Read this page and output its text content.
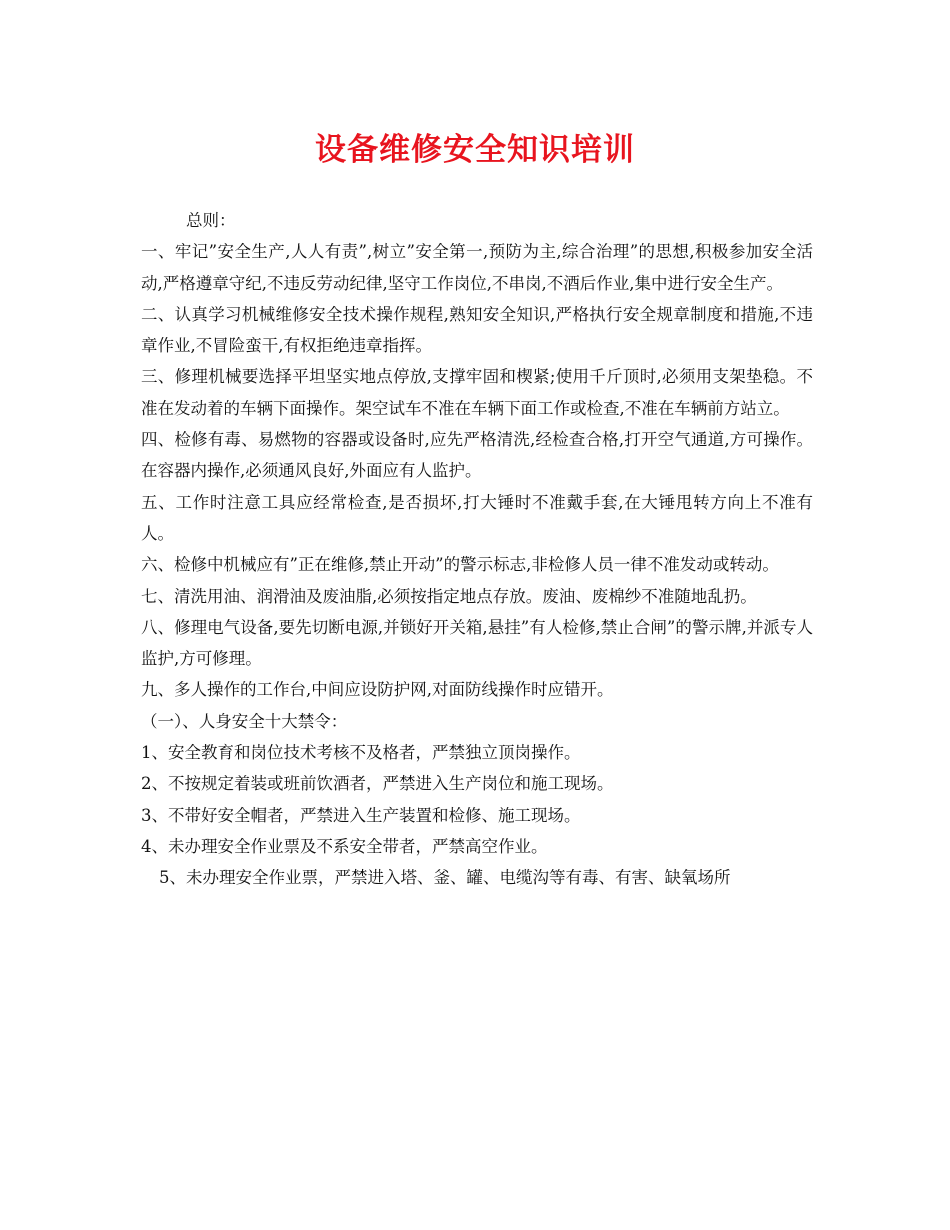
设备维修安全知识培训

总则：

一、牢记”安全生产,人人有责”,树立”安全第一,预防为主,综合治理”的思想,积极参加安全活动,严格遵章守纪,不违反劳动纪律,坚守工作岗位,不串岗,不酒后作业,集中进行安全生产。

二、认真学习机械维修安全技术操作规程,熟知安全知识,严格执行安全规章制度和措施,不违章作业,不冒险蛮干,有权拒绝违章指挥。

三、修理机械要选择平坦坚实地点停放,支撑牢固和楔紧;使用千斤顶时,必须用支架垫稳。不准在发动着的车辆下面操作。架空试车不准在车辆下面工作或检查,不准在车辆前方站立。

四、检修有毒、易燃物的容器或设备时,应先严格清洗,经检查合格,打开空气通道,方可操作。在容器内操作,必须通风良好,外面应有人监护。

五、工作时注意工具应经常检查,是否损坏,打大锤时不准戴手套,在大锤甩转方向上不准有人。

六、检修中机械应有”正在维修,禁止开动”的警示标志,非检修人员一律不准发动或转动。

七、清洗用油、润滑油及废油脂,必须按指定地点存放。废油、废棉纱不准随地乱扔。

八、修理电气设备,要先切断电源,并锁好开关箱,悬挂”有人检修,禁止合闸”的警示牌,并派专人监护,方可修理。

九、多人操作的工作台,中间应设防护网,对面防线操作时应错开。

（一）、人身安全十大禁令：

1、安全教育和岗位技术考核不及格者，严禁独立顶岗操作。

2、不按规定着装或班前饮酒者，严禁进入生产岗位和施工现场。

3、不带好安全帽者，严禁进入生产装置和检修、施工现场。

4、未办理安全作业票及不系安全带者，严禁高空作业。

5、未办理安全作业票，严禁进入塔、釜、罐、电缆沟等有毒、有害、缺氧场所
